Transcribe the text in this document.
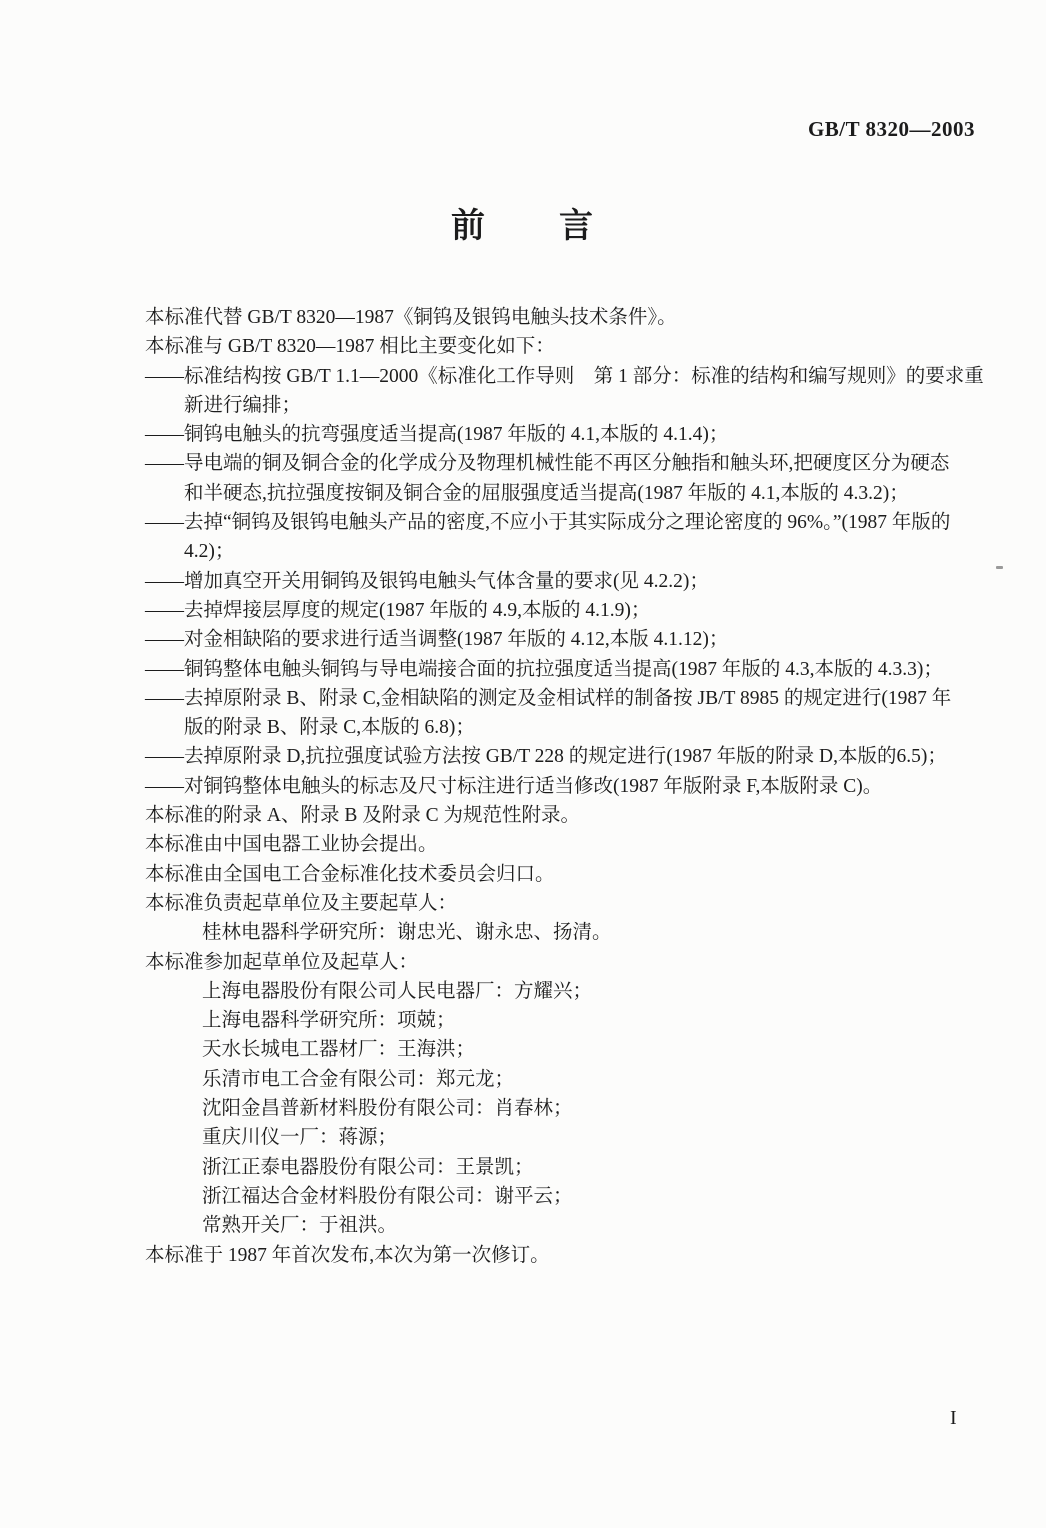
GB/T 8320—2003
前　　言
本标准代替 GB/T 8320—1987《铜钨及银钨电触头技术条件》。
本标准与 GB/T 8320—1987 相比主要变化如下：
——标准结构按 GB/T 1.1—2000《标准化工作导则　第 1 部分：标准的结构和编写规则》的要求重
新进行编排；
——铜钨电触头的抗弯强度适当提高(1987 年版的 4.1,本版的 4.1.4)；
——导电端的铜及铜合金的化学成分及物理机械性能不再区分触指和触头环,把硬度区分为硬态
和半硬态,抗拉强度按铜及铜合金的屈服强度适当提高(1987 年版的 4.1,本版的 4.3.2)；
——去掉“铜钨及银钨电触头产品的密度,不应小于其实际成分之理论密度的 96%。”(1987 年版的
4.2)；
——增加真空开关用铜钨及银钨电触头气体含量的要求(见 4.2.2)；
——去掉焊接层厚度的规定(1987 年版的 4.9,本版的 4.1.9)；
——对金相缺陷的要求进行适当调整(1987 年版的 4.12,本版 4.1.12)；
——铜钨整体电触头铜钨与导电端接合面的抗拉强度适当提高(1987 年版的 4.3,本版的 4.3.3)；
——去掉原附录 B、附录 C,金相缺陷的测定及金相试样的制备按 JB/T 8985 的规定进行(1987 年
版的附录 B、附录 C,本版的 6.8)；
——去掉原附录 D,抗拉强度试验方法按 GB/T 228 的规定进行(1987 年版的附录 D,本版的6.5)；
——对铜钨整体电触头的标志及尺寸标注进行适当修改(1987 年版附录 F,本版附录 C)。
本标准的附录 A、附录 B 及附录 C 为规范性附录。
本标准由中国电器工业协会提出。
本标准由全国电工合金标准化技术委员会归口。
本标准负责起草单位及主要起草人：
桂林电器科学研究所：谢忠光、谢永忠、扬清。
本标准参加起草单位及起草人：
上海电器股份有限公司人民电器厂：方耀兴；
上海电器科学研究所：项兢；
天水长城电工器材厂：王海洪；
乐清市电工合金有限公司：郑元龙；
沈阳金昌普新材料股份有限公司：肖春林；
重庆川仪一厂：蒋源；
浙江正泰电器股份有限公司：王景凯；
浙江福达合金材料股份有限公司：谢平云；
常熟开关厂：于祖洪。
本标准于 1987 年首次发布,本次为第一次修订。
I
